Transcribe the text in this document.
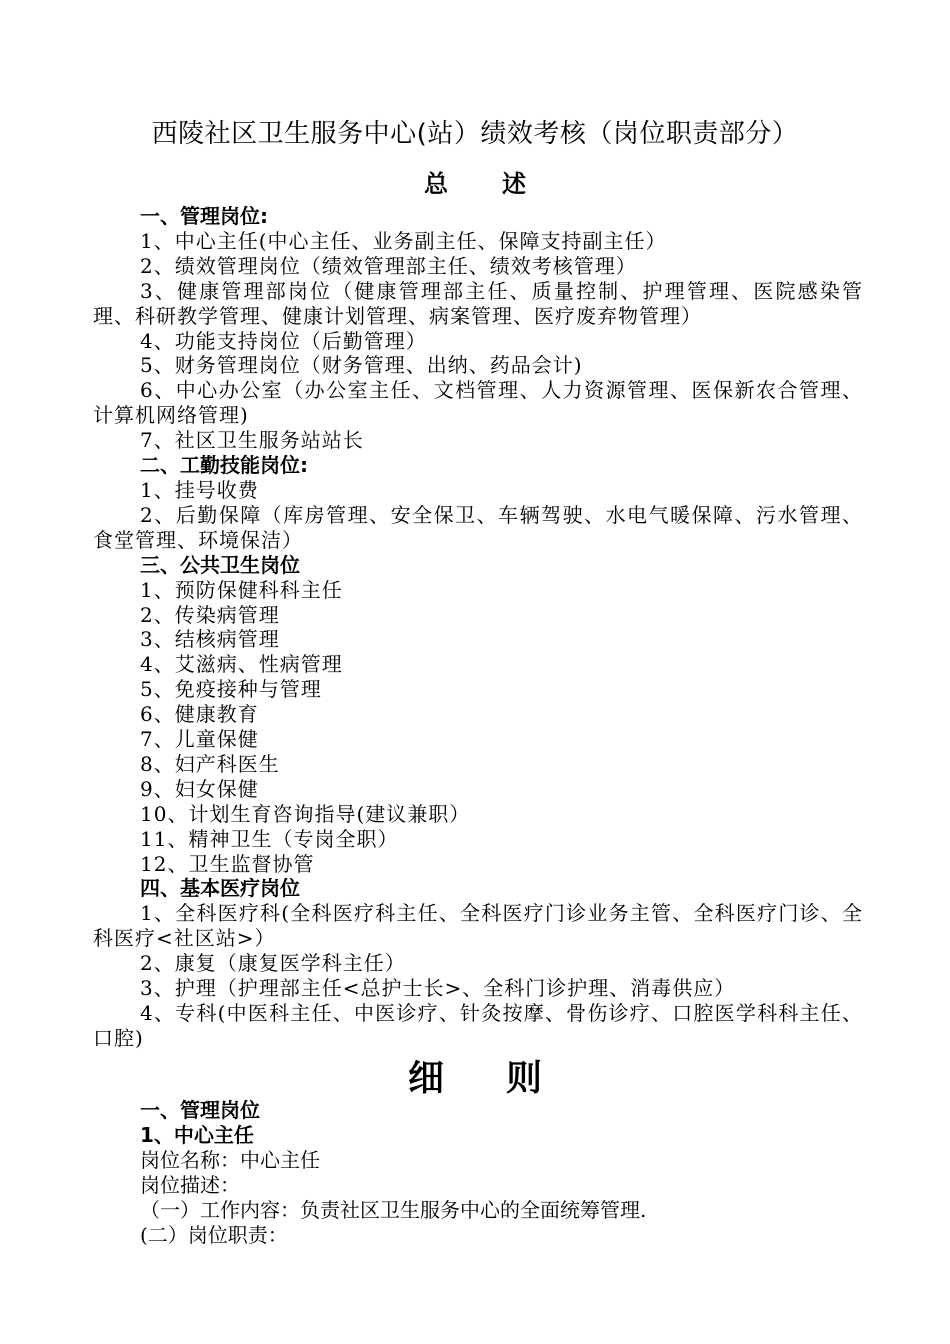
西陵社区卫生服务中心(站）绩效考核（岗位职责部分）
总述

一、管理岗位:

1、中心主任(中心主任、业务副主任、保障支持副主任）

2、绩效管理岗位（绩效管理部主任、绩效考核管理）

3、健康管理部岗位（健康管理部主任、质量控制、护理管理、医院感染管理、科研教学管理、健康计划管理、病案管理、医疗废弃物管理）

4、功能支持岗位（后勤管理）

5、财务管理岗位（财务管理、出纳、药品会计)

6、中心办公室（办公室主任、文档管理、人力资源管理、医保新农合管理、计算机网络管理)

7、社区卫生服务站站长

二、工勤技能岗位:

1、挂号收费

2、后勤保障（库房管理、安全保卫、车辆驾驶、水电气暖保障、污水管理、食堂管理、环境保洁）

三、公共卫生岗位

1、预防保健科科主任

2、传染病管理

3、结核病管理

4、艾滋病、性病管理

5、免疫接种与管理

6、健康教育

7、儿童保健

8、妇产科医生

9、妇女保健

10、计划生育咨询指导(建议兼职）

11、精神卫生（专岗全职）

12、卫生监督协管

四、基本医疗岗位

1、全科医疗科(全科医疗科主任、全科医疗门诊业务主管、全科医疗门诊、全科医疗<社区站>）

2、康复（康复医学科主任）

3、护理（护理部主任<总护士长>、全科门诊护理、消毒供应）

4、专科(中医科主任、中医诊疗、针灸按摩、骨伤诊疗、口腔医学科科主任、口腔)

细则

一、管理岗位

1、中心主任

岗位名称：中心主任

岗位描述：

（一）工作内容：负责社区卫生服务中心的全面统筹管理.

(二）岗位职责：
